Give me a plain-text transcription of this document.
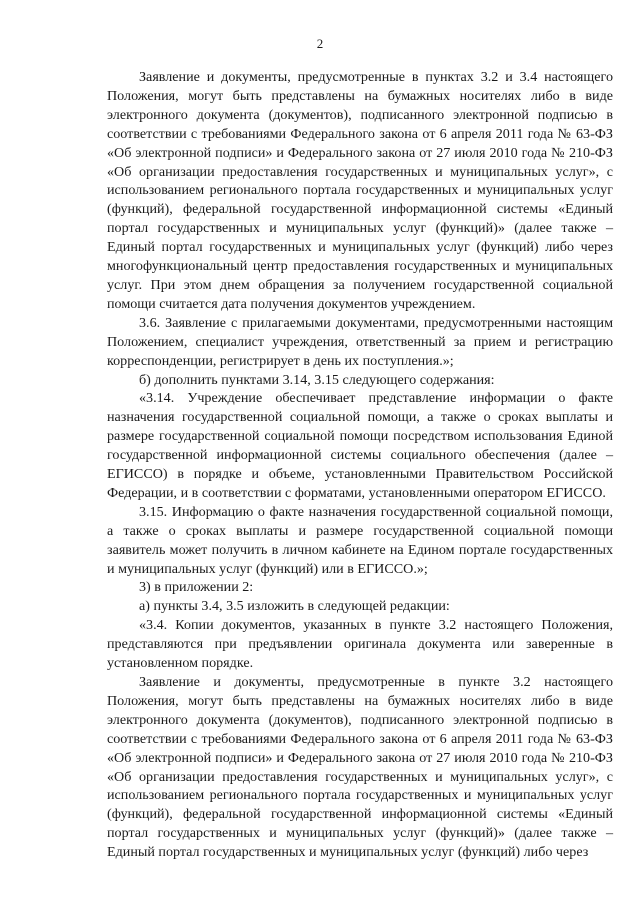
2

Заявление и документы, предусмотренные в пунктах 3.2 и 3.4 настоящего Положения, могут быть представлены на бумажных носителях либо в виде электронного документа (документов), подписанного электронной подписью в соответствии с требованиями Федерального закона от 6 апреля 2011 года № 63-ФЗ «Об электронной подписи» и Федерального закона от 27 июля 2010 года № 210-ФЗ «Об организации предоставления государственных и муниципальных услуг», с использованием регионального портала государственных и муниципальных услуг (функций), федеральной государственной информационной системы «Единый портал государственных и муниципальных услуг (функций)» (далее также – Единый портал государственных и муниципальных услуг (функций) либо через многофункциональный центр предоставления государственных и муниципальных услуг. При этом днем обращения за получением государственной социальной помощи считается дата получения документов учреждением.

3.6. Заявление с прилагаемыми документами, предусмотренными настоящим Положением, специалист учреждения, ответственный за прием и регистрацию корреспонденции, регистрирует в день их поступления.»;

б) дополнить пунктами 3.14, 3.15 следующего содержания:

«3.14. Учреждение обеспечивает представление информации о факте назначения государственной социальной помощи, а также о сроках выплаты и размере государственной социальной помощи посредством использования Единой государственной информационной системы социального обеспечения (далее – ЕГИССО) в порядке и объеме, установленными Правительством Российской Федерации, и в соответствии с форматами, установленными оператором ЕГИССО.

3.15. Информацию о факте назначения государственной социальной помощи, а также о сроках выплаты и размере государственной социальной помощи заявитель может получить в личном кабинете на Едином портале государственных и муниципальных услуг (функций) или в ЕГИССО.»;

3) в приложении 2:

а) пункты 3.4, 3.5 изложить в следующей редакции:

«3.4. Копии документов, указанных в пункте 3.2 настоящего Положения, представляются при предъявлении оригинала документа или заверенные в установленном порядке.

Заявление и документы, предусмотренные в пункте 3.2 настоящего Положения, могут быть представлены на бумажных носителях либо в виде электронного документа (документов), подписанного электронной подписью в соответствии с требованиями Федерального закона от 6 апреля 2011 года № 63-ФЗ «Об электронной подписи» и Федерального закона от 27 июля 2010 года № 210-ФЗ «Об организации предоставления государственных и муниципальных услуг», с использованием регионального портала государственных и муниципальных услуг (функций), федеральной государственной информационной системы «Единый портал государственных и муниципальных услуг (функций)» (далее также – Единый портал государственных и муниципальных услуг (функций) либо через
